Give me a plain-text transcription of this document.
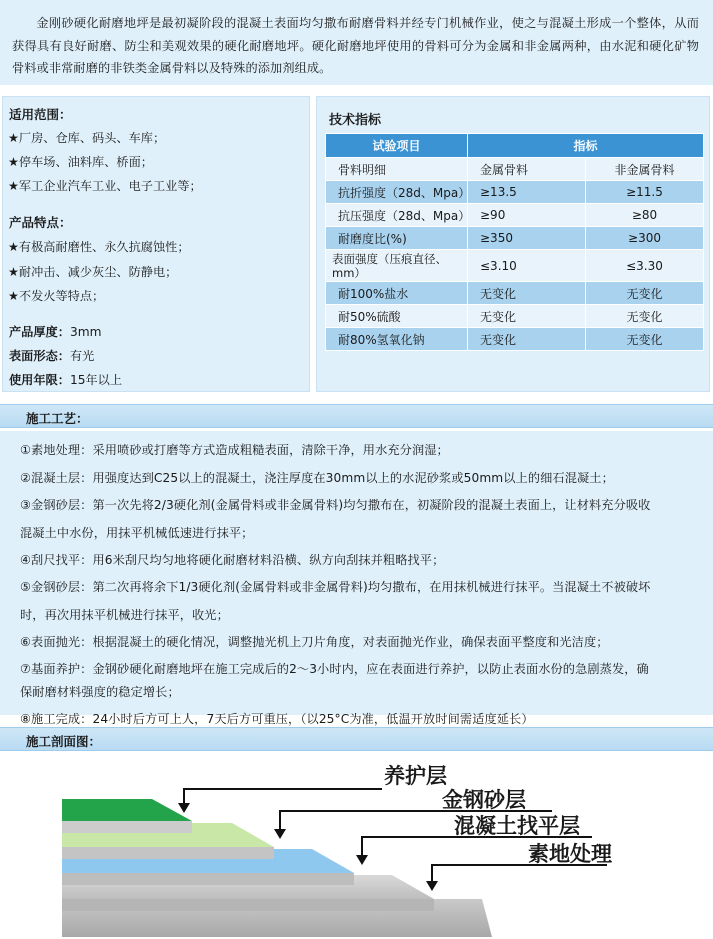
金刚砂硬化耐磨地坪是最初凝阶段的混凝土表面均匀撒布耐磨骨料并经专门机械作业，使之与混凝土形成一个整体，从而获得具有良好耐磨、防尘和美观效果的硬化耐磨地坪。硬化耐磨地坪使用的骨料可分为金属和非金属两种，由水泥和硬化矿物骨料或非常耐磨的非铁类金属骨料以及特殊的添加剂组成。
适用范围：
★厂房、仓库、码头、车库；
★停车场、油料库、桥面；
★军工企业汽车工业、电子工业等；
产品特点：
★有极高耐磨性、永久抗腐蚀性；
★耐冲击、减少灰尘、防静电；
★不发火等特点；
产品厚度：3mm
表面形态：有光
使用年限：15年以上
技术指标
试验项目	指标	
骨料明细	金属骨料	非金属骨料
抗折强度（28d、Mpa）	≥13.5	≥11.5
抗压强度（28d、Mpa）	≥90	≥80
耐磨度比(%)	≥350	≥300
表面强度（压痕直径、mm）	≤3.10	≤3.30
耐100%盐水	无变化	无变化
耐50%硫酸	无变化	无变化
耐80%氢氧化钠	无变化	无变化
施工工艺：
①素地处理：采用喷砂或打磨等方式造成粗糙表面，清除干净，用水充分润湿；
②混凝土层：用强度达到C25以上的混凝土，浇注厚度在30mm以上的水泥砂浆或50mm以上的细石混凝土；
③金钢砂层：第一次先将2/3硬化剂(金属骨料或非金属骨料)均匀撒布在，初凝阶段的混凝土表面上，让材料充分吸收
混凝土中水份，用抹平机械低速进行抹平；
④刮尺找平：用6米刮尺均匀地将硬化耐磨材料沿横、纵方向刮抹并粗略找平；
⑤金钢砂层：第二次再将余下1/3硬化剂(金属骨料或非金属骨料)均匀撒布，在用抹机械进行抹平。当混凝土不被破坏
时，再次用抹平机械进行抹平，收光；
⑥表面抛光：根据混凝土的硬化情况，调整抛光机上刀片角度，对表面抛光作业，确保表面平整度和光洁度；
⑦基面养护：金钢砂硬化耐磨地坪在施工完成后的2～3小时内，应在表面进行养护，以防止表面水份的急剧蒸发，确
保耐磨材料强度的稳定增长；
⑧施工完成：24小时后方可上人，7天后方可重压，（以25°C为准，低温开放时间需适度延长）
施工剖面图：
养护层
金钢砂层
混凝土找平层
素地处理
